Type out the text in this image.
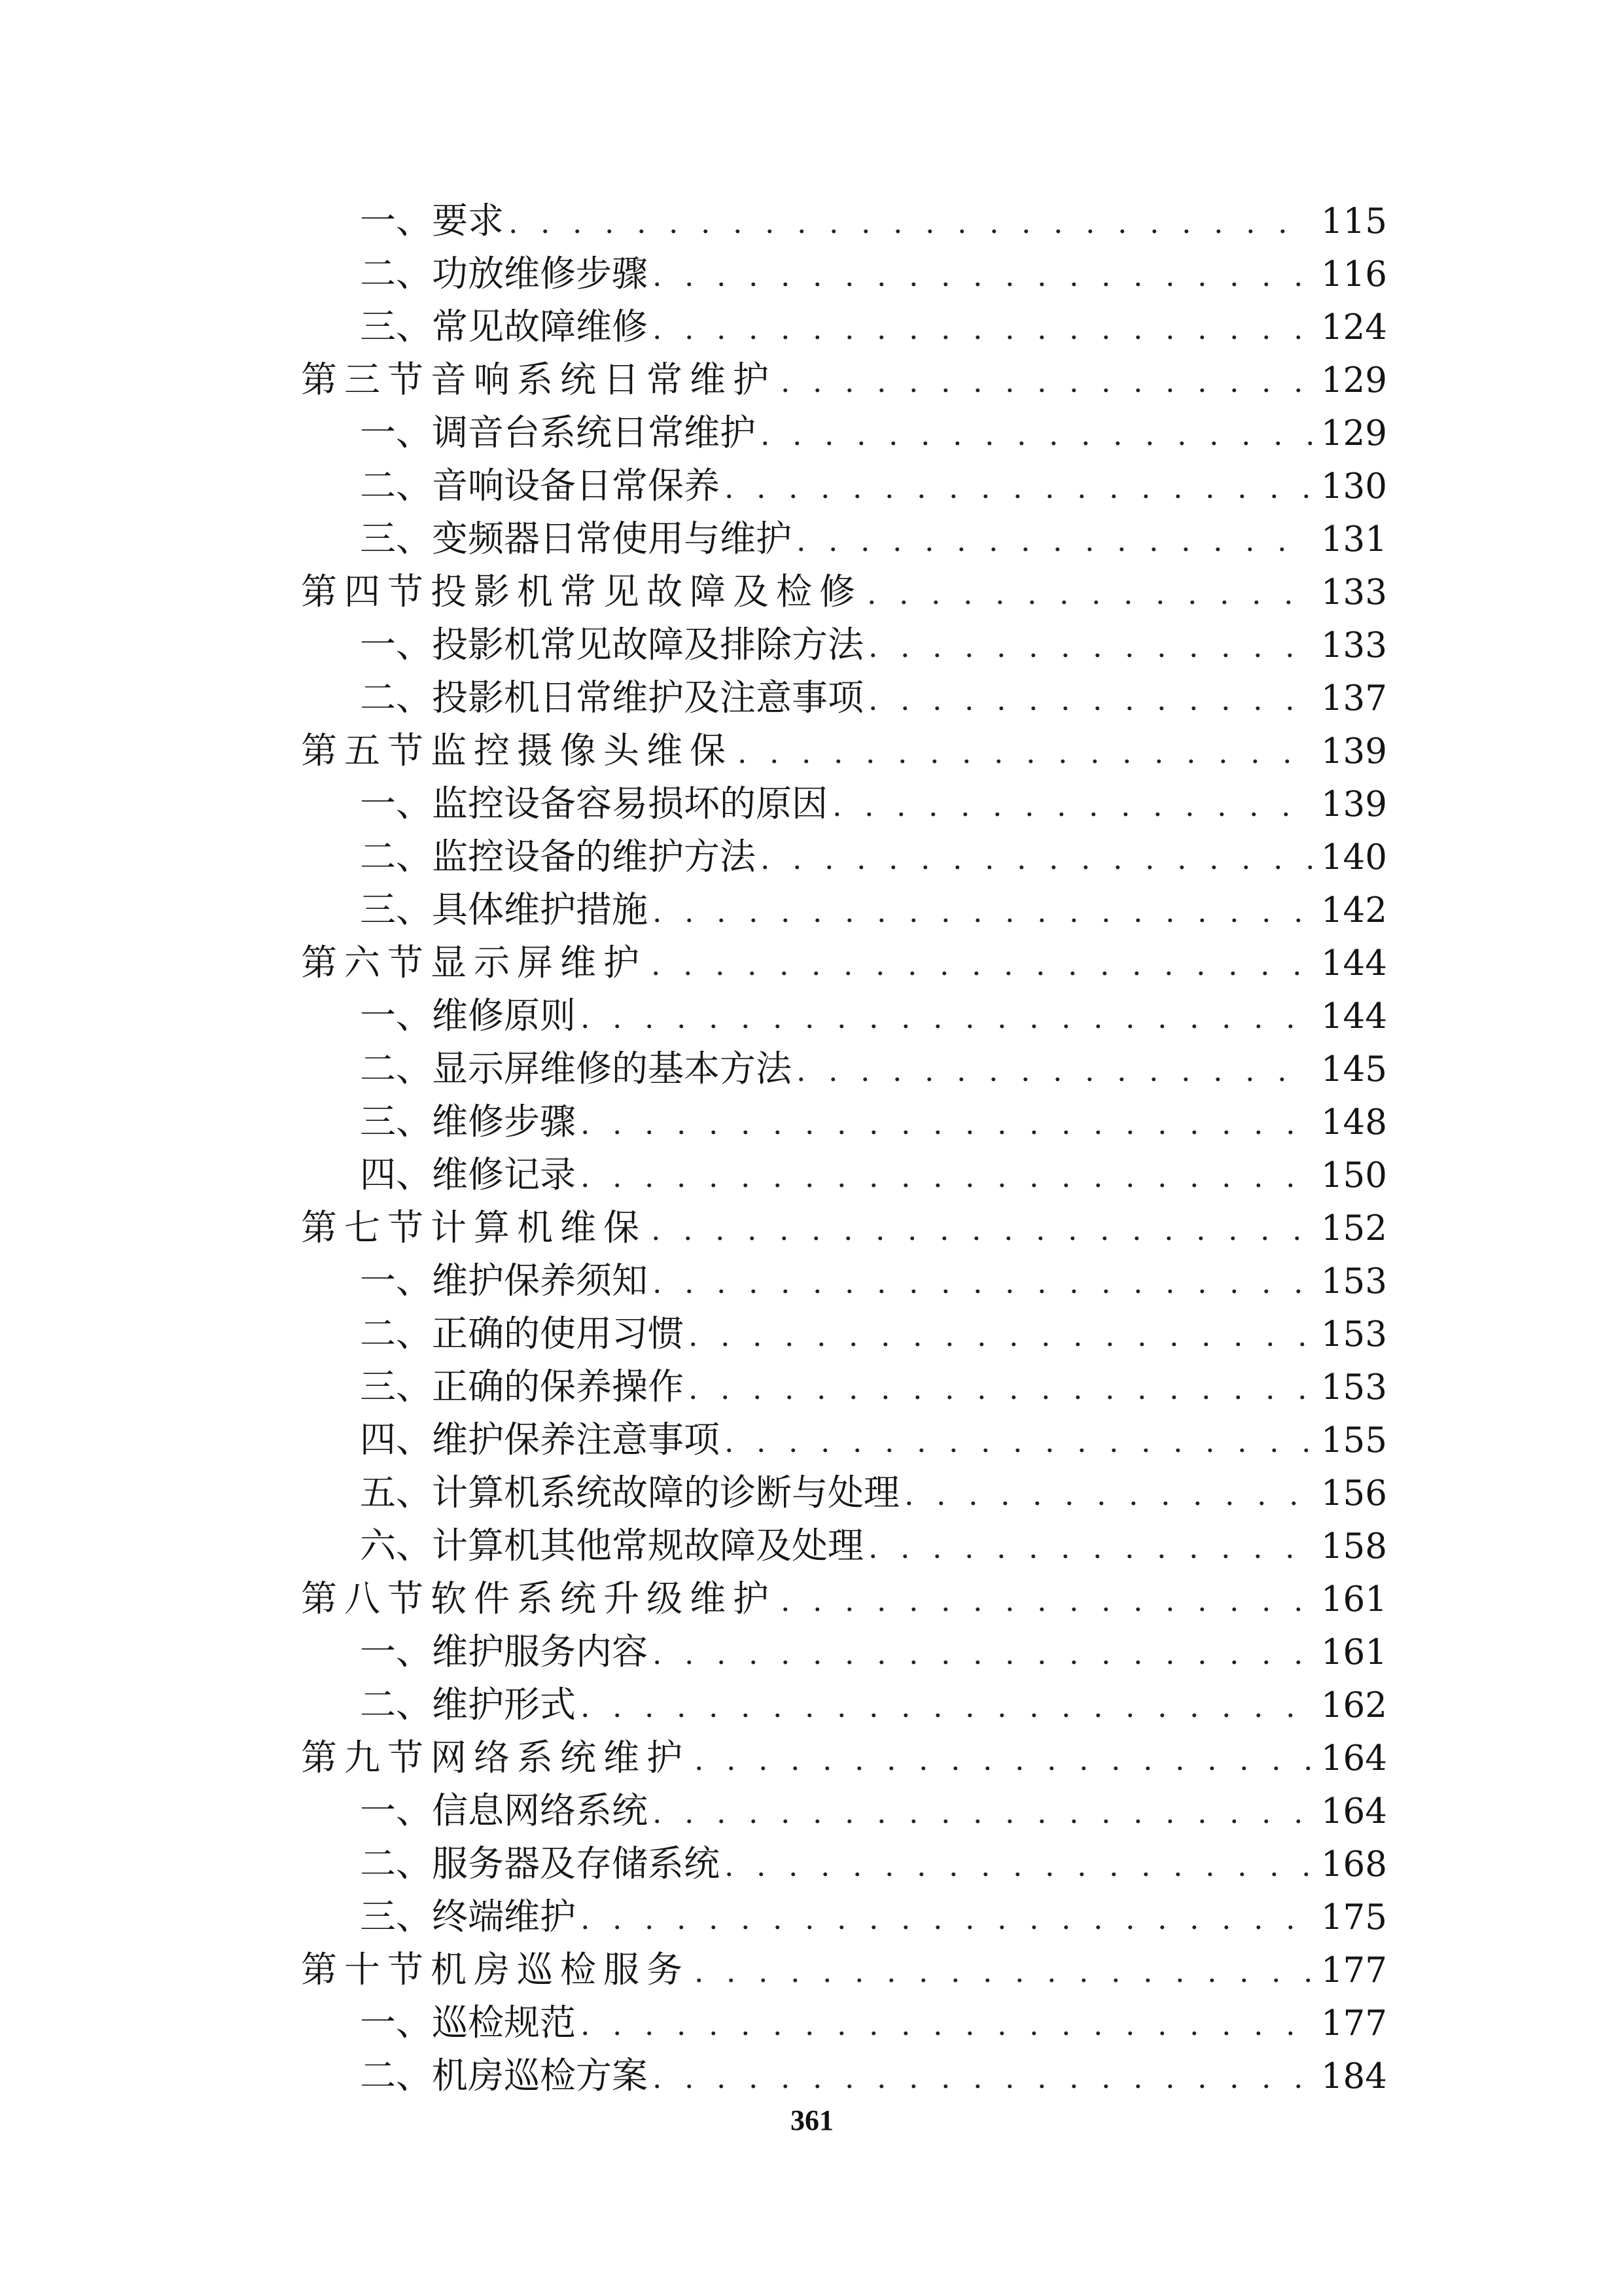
一、要求 . . .	115
二、功放维修步骤 . . .	116
三、常见故障维修 . . .	124
第三节音响系统日常维护 . . .	129
一、调音台系统日常维护 . . .	129
二、音响设备日常保养 . . .	130
三、变频器日常使用与维护 . . .	131
第四节投影机常见故障及检修 . . .	133
一、投影机常见故障及排除方法 . . .	133
二、投影机日常维护及注意事项 . . .	137
第五节监控摄像头维保 . . .	139
一、监控设备容易损坏的原因 . . .	139
二、监控设备的维护方法 . . .	140
三、具体维护措施 . . .	142
第六节显示屏维护 . . .	144
一、维修原则 . . .	144
二、显示屏维修的基本方法 . . .	145
三、维修步骤 . . .	148
四、维修记录 . . .	150
第七节计算机维保 . . .	152
一、维护保养须知 . . .	153
二、正确的使用习惯 . . .	153
三、正确的保养操作 . . .	153
四、维护保养注意事项 . . .	155
五、计算机系统故障的诊断与处理 . . .	156
六、计算机其他常规故障及处理 . . .	158
第八节软件系统升级维护 . . .	161
一、维护服务内容 . . .	161
二、维护形式 . . .	162
第九节网络系统维护 . . .	164
一、信息网络系统 . . .	164
二、服务器及存储系统 . . .	168
三、终端维护 . . .	175
第十节机房巡检服务 . . .	177
一、巡检规范 . . .	177
二、机房巡检方案 . . .	184
361
